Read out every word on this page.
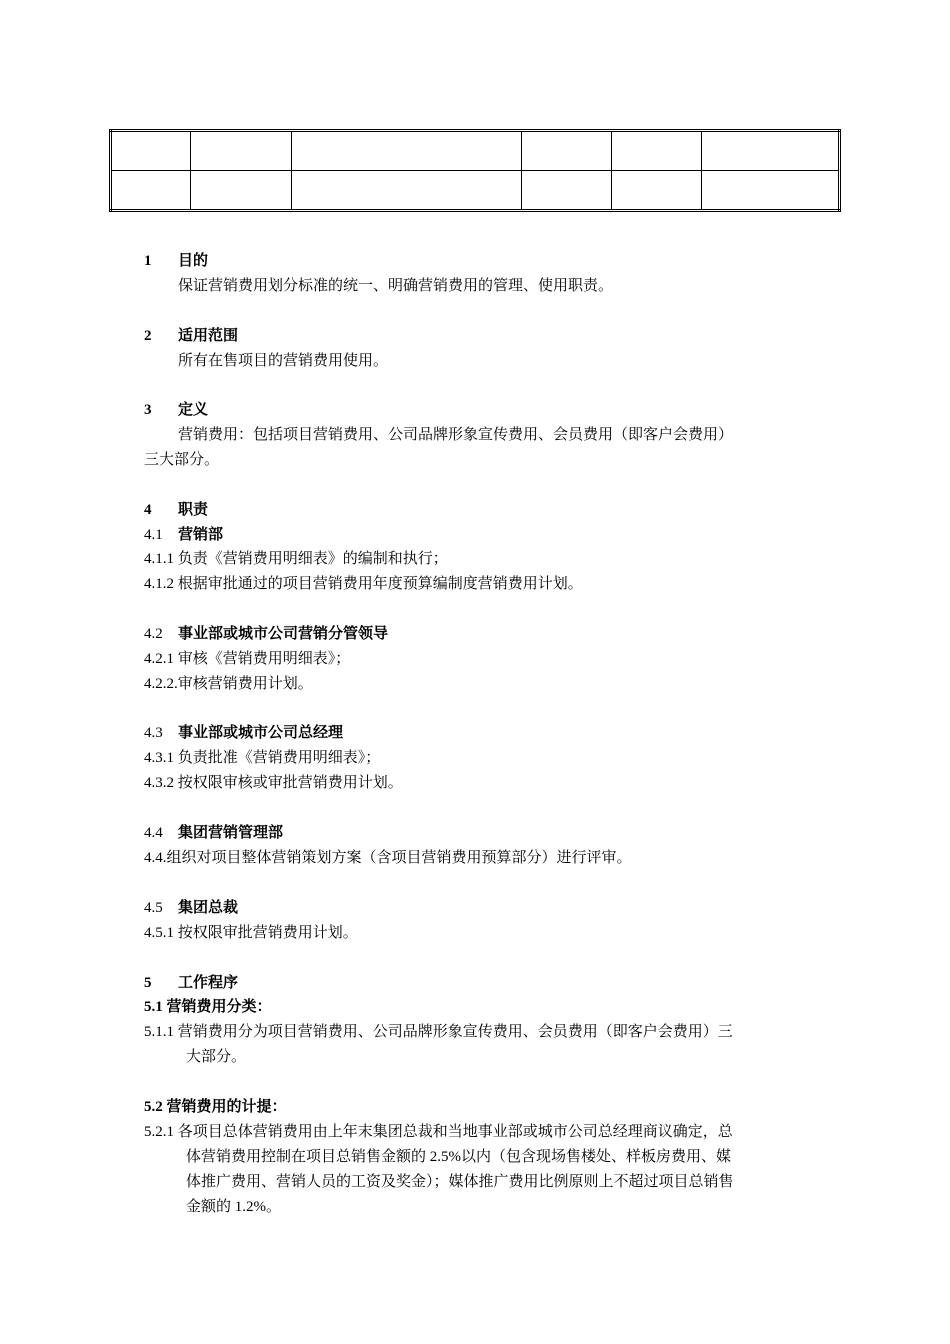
1 目的
保证营销费用划分标准的统一、明确营销费用的管理、使用职责。
2 适用范围
所有在售项目的营销费用使用。
3 定义
营销费用：包括项目营销费用、公司品牌形象宣传费用、会员费用（即客户会费用）
三大部分。
4 职责
4.1 营销部
4.1.1 负责《营销费用明细表》的编制和执行；
4.1.2 根据审批通过的项目营销费用年度预算编制度营销费用计划。
4.2 事业部或城市公司营销分管领导
4.2.1 审核《营销费用明细表》；
4.2.2.审核营销费用计划。
4.3 事业部或城市公司总经理
4.3.1 负责批准《营销费用明细表》；
4.3.2 按权限审核或审批营销费用计划。
4.4 集团营销管理部
4.4.组织对项目整体营销策划方案（含项目营销费用预算部分）进行评审。
4.5 集团总裁
4.5.1 按权限审批营销费用计划。
5 工作程序
5.1 营销费用分类：
5.1.1 营销费用分为项目营销费用、公司品牌形象宣传费用、会员费用（即客户会费用）三
大部分。
5.2 营销费用的计提：
5.2.1 各项目总体营销费用由上年末集团总裁和当地事业部或城市公司总经理商议确定，总
体营销费用控制在项目总销售金额的 2.5%以内（包含现场售楼处、样板房费用、媒
体推广费用、营销人员的工资及奖金）；媒体推广费用比例原则上不超过项目总销售
金额的 1.2%。
